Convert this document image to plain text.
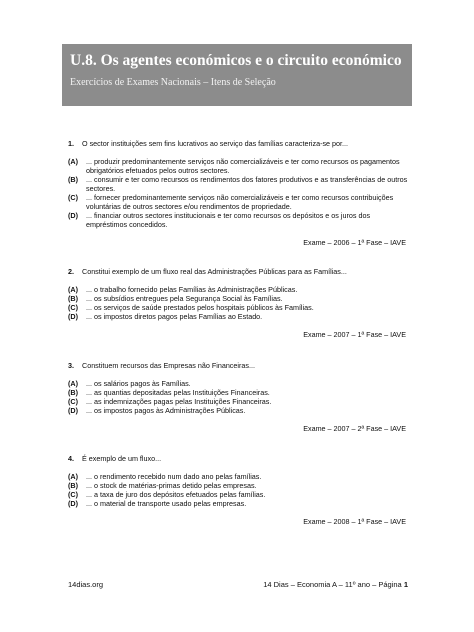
U.8. Os agentes económicos e o circuito económico
Exercícios de Exames Nacionais – Itens de Seleção
1. O sector instituições sem fins lucrativos ao serviço das famílias caracteriza-se por...
(A) ... produzir predominantemente serviços não comercializáveis e ter como recursos os pagamentos obrigatórios efetuados pelos outros sectores.
(B) ... consumir e ter como recursos os rendimentos dos fatores produtivos e as transferências de outros sectores.
(C) ... fornecer predominantemente serviços não comercializáveis e ter como recursos contribuições voluntárias de outros sectores e/ou rendimentos de propriedade.
(D) ... financiar outros sectores institucionais e ter como recursos os depósitos e os juros dos empréstimos concedidos.
Exame – 2006 – 1ª Fase – IAVE
2. Constitui exemplo de um fluxo real das Administrações Públicas para as Famílias...
(A) ... o trabalho fornecido pelas Famílias às Administrações Públicas.
(B) ... os subsídios entregues pela Segurança Social às Famílias.
(C) ... os serviços de saúde prestados pelos hospitais públicos às Famílias.
(D) ... os impostos diretos pagos pelas Famílias ao Estado.
Exame – 2007 – 1ª Fase – IAVE
3. Constituem recursos das Empresas não Financeiras...
(A) ... os salários pagos às Famílias.
(B) ... as quantias depositadas pelas Instituições Financeiras.
(C) ... as indemnizações pagas pelas Instituições Financeiras.
(D) ... os impostos pagos às Administrações Públicas.
Exame – 2007 – 2ª Fase – IAVE
4. É exemplo de um fluxo...
(A) ... o rendimento recebido num dado ano pelas famílias.
(B) ... o stock de matérias-primas detido pelas empresas.
(C) ... a taxa de juro dos depósitos efetuados pelas famílias.
(D) ... o material de transporte usado pelas empresas.
Exame – 2008 – 1ª Fase – IAVE
14dias.org	14 Dias – Economia A – 11º ano – Página 1
